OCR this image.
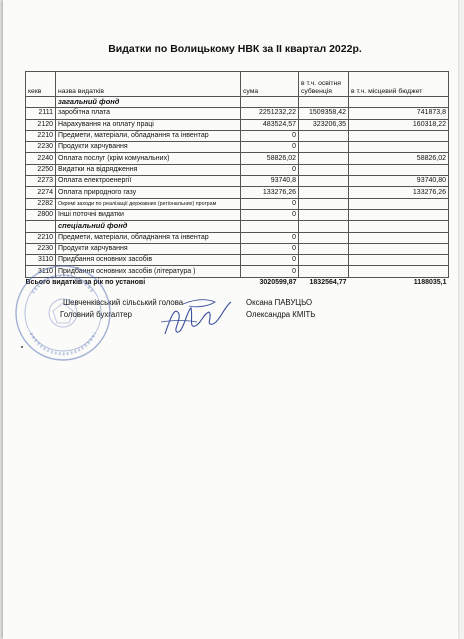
Видатки по Волицькому НВК за ІІ квартал 2022р.
кекв	назва видатків	сума	в т.ч. освітня субвенція	в т.ч. місцевий бюджет
	загальний фонд			
2111	заробітна плата	2251232,22	1509358,42	741873,8
2120	Нарахування на оплату праці	483524,57	323206,35	160318,22
2210	Предмети, матеріали, обладнання та інвентар	0		
2230	Продукти харчування	0		
2240	Оплата послуг (крім комунальних)	58826,02		58826,02
2250	Видатки на відрядження	0		
2273	Оплата електроенергії	93740,8		93740,80
2274	Оплата природного газу	133276,26		133276,26
2282	Окремі заходи по реалізації державних (регіональних) програм	0		
2800	Інші поточні видатки	0		
	спеціальний фонд			
2210	Предмети, матеріали, обладнання та інвентар	0		
2230	Продукти харчування	0		
3110	Придбання основних засобів	0		
3110	Придбання основних засобів (література )	0		
Всього видатків за рік по установі		3020599,87	1832564,77	1188035,1
Шевченківський сільський голова	Оксана ПАВУЦЬО
Головний бухгалтер	Олександра КМІТЬ
